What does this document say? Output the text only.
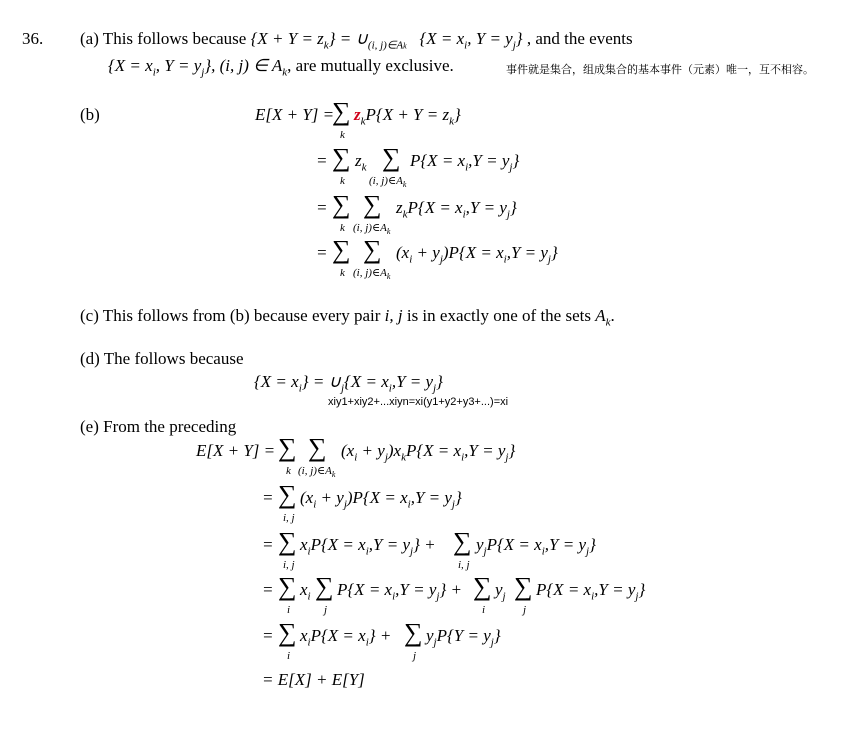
36. (a) This follows because $\{X + Y = z_k\}$ = $\cup_{(i, j)\in Ak}$ {$X = x_i$, $Y = y_j$} , and the events
{$X = x_i$, $Y = y_j$}, (i, j) ∈ $A_k$, are mutually exclusive.	事件就是集合，组成集合的基本事件（元素）唯一，互不相容。
(b)	E[X + Y] =
∑
k
$z_kP\{X + Y = z_k\}$
= ∑
k
$z_k$ ∑
(i, $j)\in A_k$
$P\{X = x_i,Y = y_j\}$
= ∑
k
∑
(i, $j)\in A_k$
$z_kP\{X = x_i,Y = y_j\}$
= ∑
k
∑
(i, $j)\in A_k$
$(x_i + y_j)P\{X = x_i,Y = y_j\}$
(c) This follows from (b) because every pair i, j is in exactly one of the sets $A_k$.
(d) The follows because
$\{X = x_i\}$ = $\cup_j\{X = x_i,Y = y_j\}$
xiy1+xiy2+...xiyn=xi(y1+y2+y3+...)=xi
(e) From the preceding
E[X + Y] = ∑
k
∑
(i, $j)\in A_k$
$(x_i + y_j)x_kP\{X = x_i,Y = y_j\}$
= ∑
i, j
$(x_i + y_j)P\{X = x_i,Y = y_j\}$
= ∑
i, j
$x_iP\{X = x_i,Y = y_j\}$ + ∑
i, j
$y_jP\{X = x_i,Y = y_j\}$
= ∑
i
$x_i$ ∑
j
$P\{X = x_i,Y = y_j\}$ + ∑
i
$y_j$ ∑
j
$P\{X = x_i,Y = y_j\}$
= ∑
i
$x_iP\{X = x_i\}$ + ∑
j
$y_jP\{Y = y_j\}$
= E[X] + E[Y]
